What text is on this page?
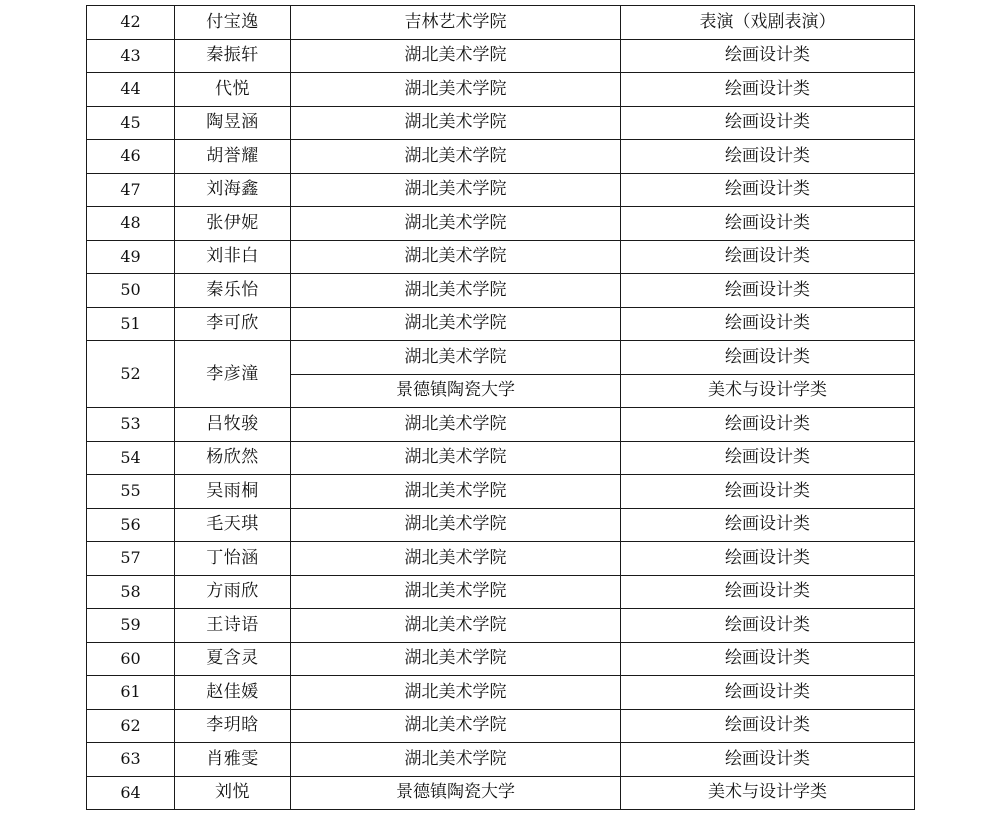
42	付宝逸	吉林艺术学院	表演（戏剧表演）
43	秦振轩	湖北美术学院	绘画设计类
44	代悦	湖北美术学院	绘画设计类
45	陶昱涵	湖北美术学院	绘画设计类
46	胡誉耀	湖北美术学院	绘画设计类
47	刘海鑫	湖北美术学院	绘画设计类
48	张伊妮	湖北美术学院	绘画设计类
49	刘非白	湖北美术学院	绘画设计类
50	秦乐怡	湖北美术学院	绘画设计类
51	李可欣	湖北美术学院	绘画设计类
52	李彦潼	湖北美术学院	绘画设计类
		景德镇陶瓷大学	美术与设计学类
53	吕牧骏	湖北美术学院	绘画设计类
54	杨欣然	湖北美术学院	绘画设计类
55	吴雨桐	湖北美术学院	绘画设计类
56	毛天琪	湖北美术学院	绘画设计类
57	丁怡涵	湖北美术学院	绘画设计类
58	方雨欣	湖北美术学院	绘画设计类
59	王诗语	湖北美术学院	绘画设计类
60	夏含灵	湖北美术学院	绘画设计类
61	赵佳媛	湖北美术学院	绘画设计类
62	李玥晗	湖北美术学院	绘画设计类
63	肖雅雯	湖北美术学院	绘画设计类
64	刘悦	景德镇陶瓷大学	美术与设计学类
